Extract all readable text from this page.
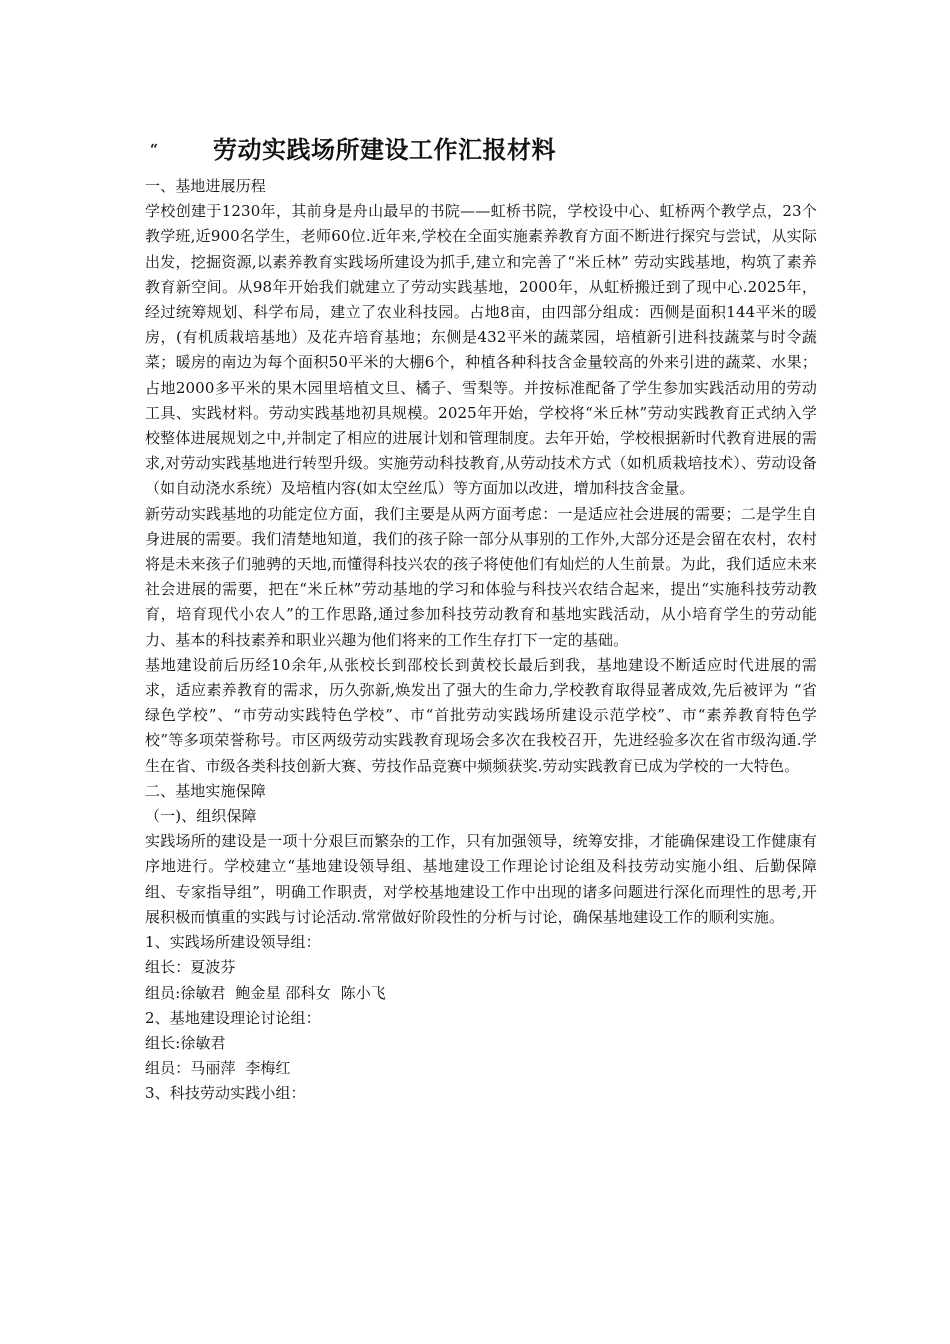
“ 劳动实践场所建设工作汇报材料

一、基地进展历程

学校创建于1230年，其前身是舟山最早的书院——虹桥书院，学校设中心、虹桥两个教学点，23个教学班,近900名学生，老师60位.近年来,学校在全面实施素养教育方面不断进行探究与尝试，从实际出发，挖掘资源,以素养教育实践场所建设为抓手,建立和完善了“米丘林” 劳动实践基地，构筑了素养教育新空间。从98年开始我们就建立了劳动实践基地，2000年，从虹桥搬迁到了现中心.2025年，经过统筹规划、科学布局，建立了农业科技园。占地8亩，由四部分组成：西侧是面积144平米的暖房，(有机质栽培基地）及花卉培育基地；东侧是432平米的蔬菜园，培植新引进科技蔬菜与时令蔬菜；暖房的南边为每个面积50平米的大棚6个，种植各种科技含金量较高的外来引进的蔬菜、水果；占地2000多平米的果木园里培植文旦、橘子、雪梨等。并按标准配备了学生参加实践活动用的劳动工具、实践材料。劳动实践基地初具规模。2025年开始，学校将“米丘林”劳动实践教育正式纳入学校整体进展规划之中,并制定了相应的进展计划和管理制度。去年开始，学校根据新时代教育进展的需求,对劳动实践基地进行转型升级。实施劳动科技教育,从劳动技术方式（如机质栽培技术）、劳动设备（如自动浇水系统）及培植内容(如太空丝瓜）等方面加以改进，增加科技含金量。

新劳动实践基地的功能定位方面，我们主要是从两方面考虑：一是适应社会进展的需要；二是学生自身进展的需要。我们清楚地知道，我们的孩子除一部分从事别的工作外,大部分还是会留在农村，农村将是未来孩子们驰骋的天地,而懂得科技兴农的孩子将使他们有灿烂的人生前景。为此，我们适应未来社会进展的需要，把在“米丘林”劳动基地的学习和体验与科技兴农结合起来，提出“实施科技劳动教育，培育现代小农人”的工作思路,通过参加科技劳动教育和基地实践活动，从小培育学生的劳动能力、基本的科技素养和职业兴趣为他们将来的工作生存打下一定的基础。

基地建设前后历经10余年,从张校长到邵校长到黄校长最后到我，基地建设不断适应时代进展的需求，适应素养教育的需求，历久弥新,焕发出了强大的生命力,学校教育取得显著成效,先后被评为 “省绿色学校”、“市劳动实践特色学校”、市“首批劳动实践场所建设示范学校”、市“素养教育特色学校”等多项荣誉称号。市区两级劳动实践教育现场会多次在我校召开，先进经验多次在省市级沟通.学生在省、市级各类科技创新大赛、劳技作品竞赛中频频获奖.劳动实践教育已成为学校的一大特色。

二、基地实施保障

（一)、组织保障

实践场所的建设是一项十分艰巨而繁杂的工作，只有加强领导，统筹安排，才能确保建设工作健康有序地进行。学校建立“基地建设领导组、基地建设工作理论讨论组及科技劳动实施小组、后勤保障组、专家指导组”，明确工作职责，对学校基地建设工作中出现的诸多问题进行深化而理性的思考,开展积极而慎重的实践与讨论活动.常常做好阶段性的分析与讨论，确保基地建设工作的顺利实施。

1、实践场所建设领导组：

组长：夏波芬

组员:徐敏君  鲍金星 邵科女  陈小飞

2、基地建设理论讨论组：

组长:徐敏君

组员：马丽萍  李梅红

3、科技劳动实践小组：
